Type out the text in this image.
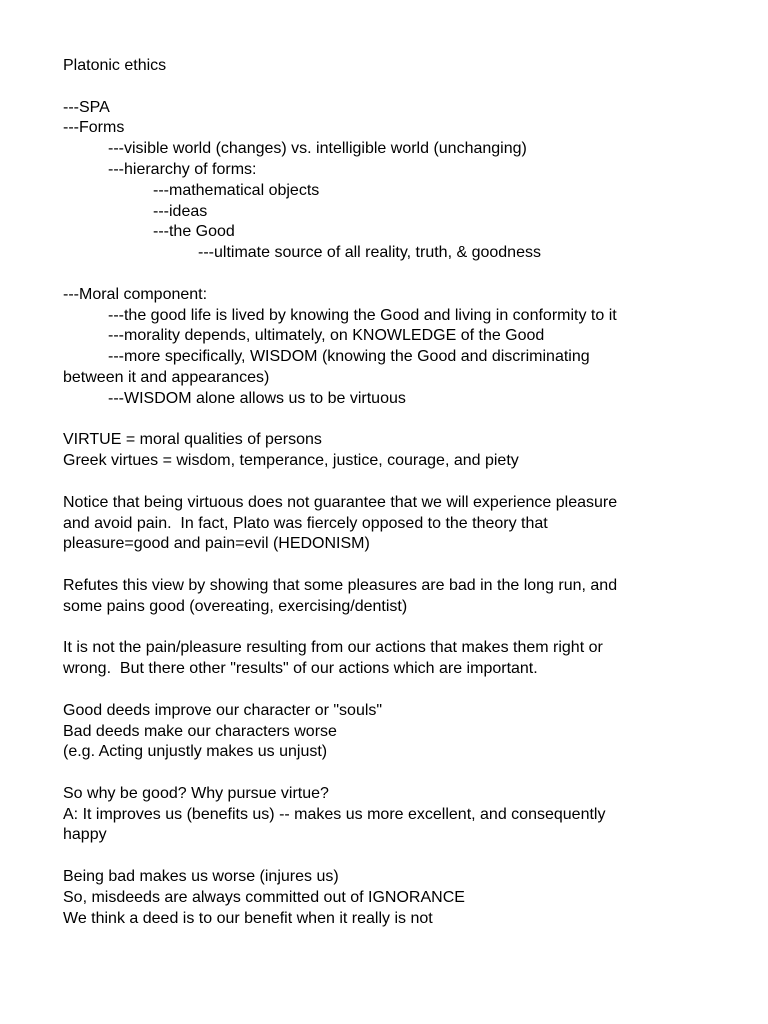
Platonic ethics
---SPA
---Forms
---visible world (changes) vs. intelligible world (unchanging)
---hierarchy of forms:
---mathematical objects
---ideas
---the Good
---ultimate source of all reality, truth, & goodness
---Moral component:
---the good life is lived by knowing the Good and living in conformity to it
---morality depends, ultimately, on KNOWLEDGE of the Good
---more specifically, WISDOM (knowing the Good and discriminating
between it and appearances)
---WISDOM alone allows us to be virtuous
VIRTUE = moral qualities of persons
Greek virtues = wisdom, temperance, justice, courage, and piety
Notice that being virtuous does not guarantee that we will experience pleasure
and avoid pain.  In fact, Plato was fiercely opposed to the theory that
pleasure=good and pain=evil (HEDONISM)
Refutes this view by showing that some pleasures are bad in the long run, and
some pains good (overeating, exercising/dentist)
It is not the pain/pleasure resulting from our actions that makes them right or
wrong.  But there other "results" of our actions which are important.
Good deeds improve our character or "souls"
Bad deeds make our characters worse
(e.g. Acting unjustly makes us unjust)
So why be good? Why pursue virtue?
A: It improves us (benefits us) -- makes us more excellent, and consequently
happy
Being bad makes us worse (injures us)
So, misdeeds are always committed out of IGNORANCE
We think a deed is to our benefit when it really is not
